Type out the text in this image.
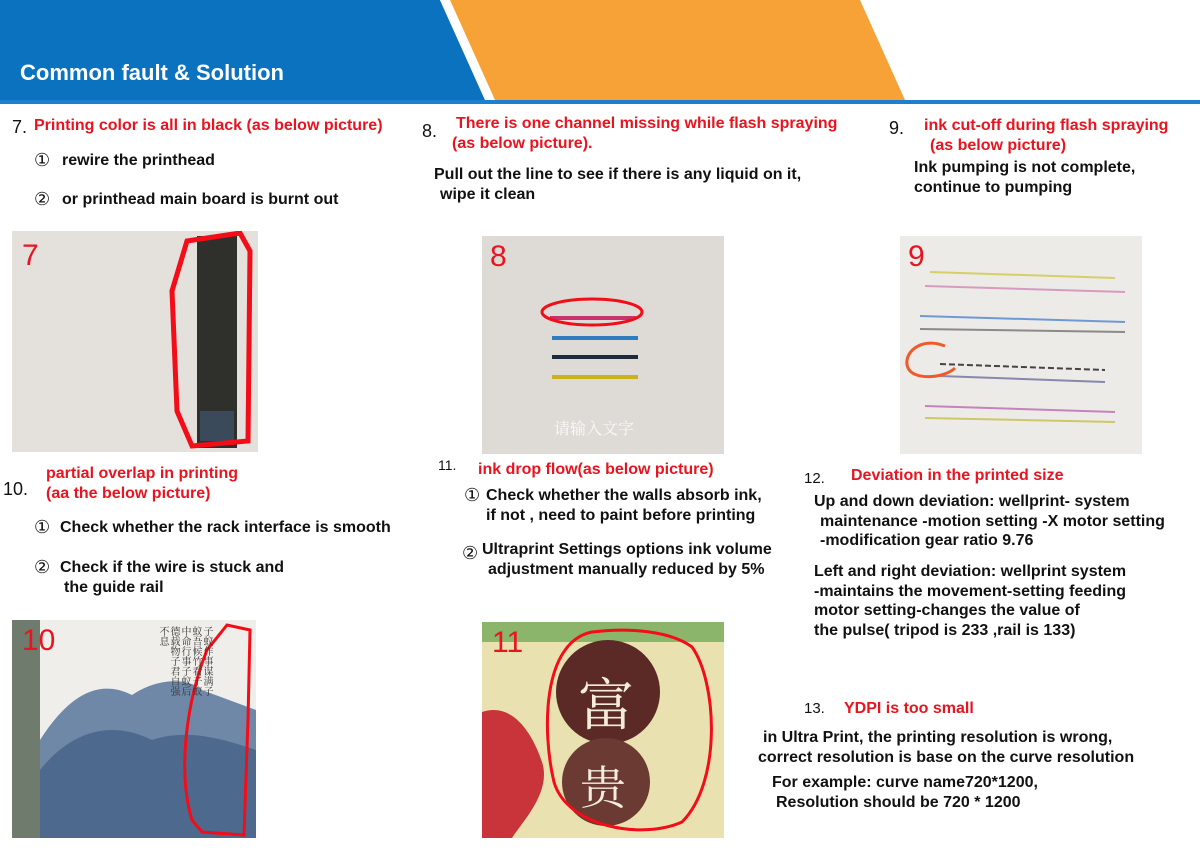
Common fault & Solution
7. Printing color is all in black (as below picture)
① rewire the printhead
② or printhead main board is burnt out
7
8. There is one channel missing while flash spraying
(as below picture).
Pull out the line to see if there is any liquid on it,
wipe it clean
8
请输入文字
9. ink cut-off during flash spraying
(as below picture)
Ink pumping is not complete,
continue to pumping
9
10.
partial overlap in printing
(aa the below picture)
① Check whether the rack interface is smooth
② Check if the wire is stuck and
the guide rail
10	子蚁作事谋满子蚁吾候竹看子蚁中命行事子蚁后德载物子君自强不息
11. ink drop flow(as below picture)
① Check whether the walls absorb ink,
if not , need to paint before printing
② Ultraprint Settings options ink volume
adjustment manually reduced by 5%
11
富
贵
12. Deviation in the printed size
Up and down deviation: wellprint- system
maintenance -motion setting -X motor setting
-modification gear ratio 9.76
Left and right deviation: wellprint system
-maintains the movement-setting feeding
motor setting-changes the value of
the pulse( tripod is 233 ,rail is 133)
13. YDPI is too small
in Ultra Print, the printing resolution is wrong,
correct resolution is base on the curve resolution
For example: curve name720*1200,
Resolution should be 720 * 1200
